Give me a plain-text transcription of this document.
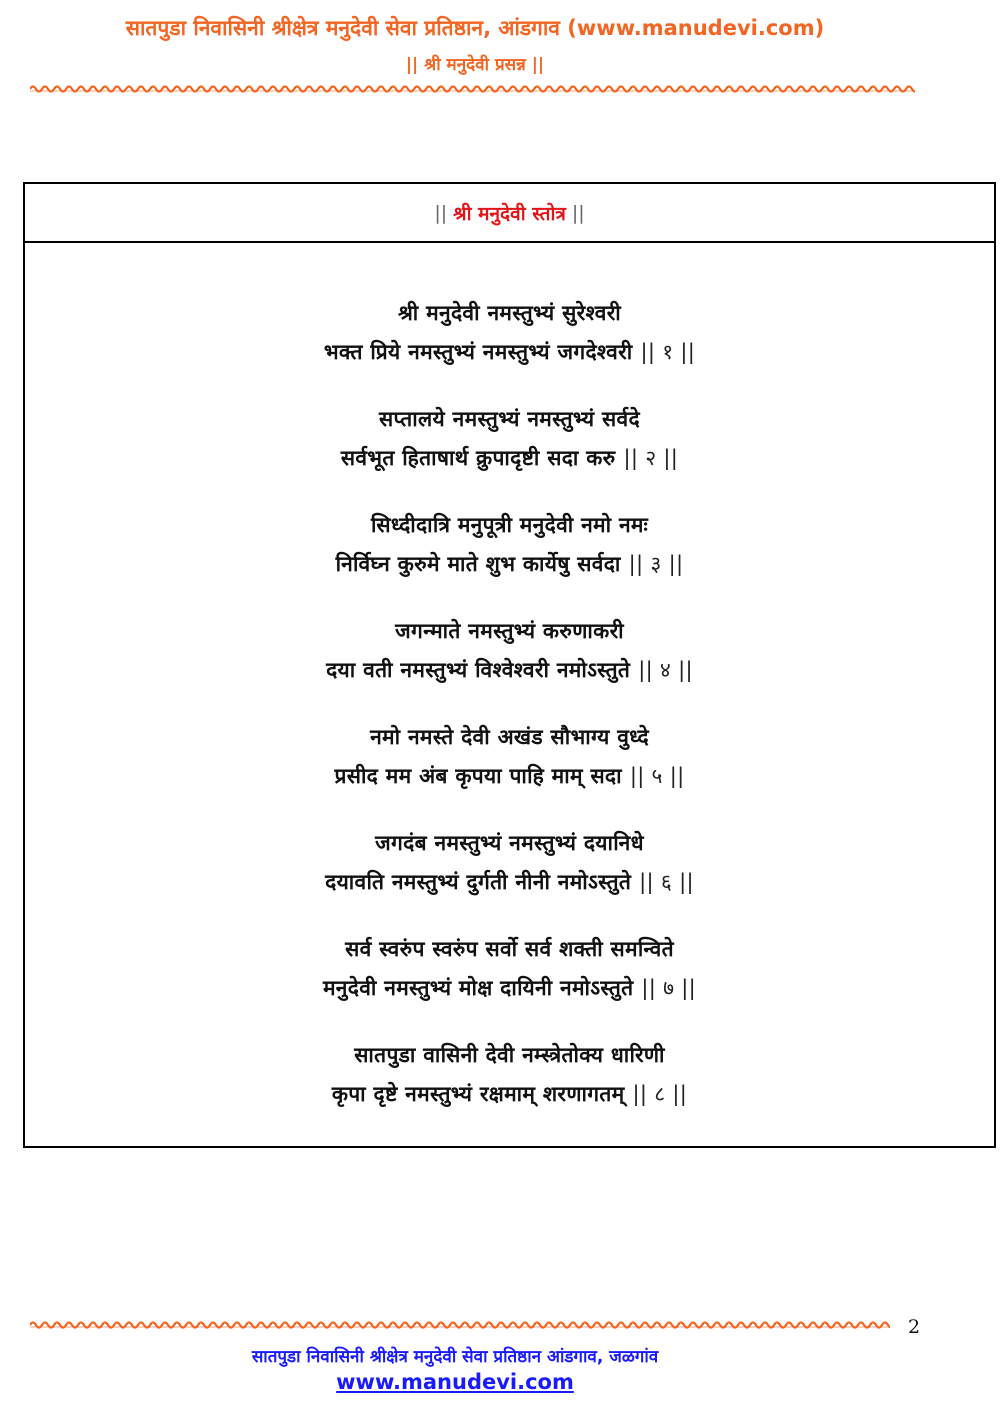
सातपुडा निवासिनी श्रीक्षेत्र मनुदेवी सेवा प्रतिष्ठान, आंडगाव (www.manudevi.com)
|| श्री मनुदेवी प्रसन्न ||
|| श्री मनुदेवी स्तोत्र ||
श्री मनुदेवी नमस्तुभ्यं सुरेश्वरी
भक्त प्रिये नमस्तुभ्यं नमस्तुभ्यं जगदेश्वरी || १ ||
सप्तालये नमस्तुभ्यं नमस्तुभ्यं सर्वदे
सर्वभूत हिताषार्थ क्रुपादृष्टी सदा करु || २ ||
सिध्दीदात्रि मनुपूत्री मनुदेवी नमो नमः
निर्विघ्न कुरुमे माते शुभ कार्येषु सर्वदा || ३ ||
जगन्माते नमस्तुभ्यं करुणाकरी
दया वती नमस्तुभ्यं विश्वेश्वरी नमोऽस्तुते || ४ ||
नमो नमस्ते देवी अखंड सौभाग्य वुध्दे
प्रसीद मम अंब कृपया पाहि माम् सदा || ५ ||
जगदंब नमस्तुभ्यं नमस्तुभ्यं दयानिधे
दयावति नमस्तुभ्यं दुर्गती नीनी नमोऽस्तुते || ६ ||
सर्व स्वरुंप स्वरुंप सर्वो सर्व शक्ती समन्विते
मनुदेवी नमस्तुभ्यं मोक्ष दायिनी नमोऽस्तुते || ७ ||
सातपुडा वासिनी देवी नम्स्त्रेतोक्य धारिणी
कृपा दृष्टे नमस्तुभ्यं रक्षमाम् शरणागतम् || ८ ||
2
सातपुडा निवासिनी श्रीक्षेत्र मनुदेवी सेवा प्रतिष्ठान आंडगाव, जळगांव
www.manudevi.com
